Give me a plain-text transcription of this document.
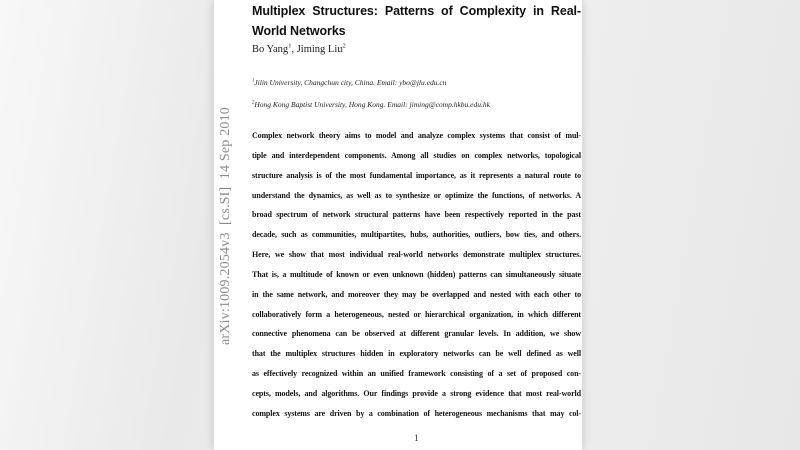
arXiv:1009.2054v3  [cs.SI]  14 Sep 2010
Multiplex Structures: Patterns of Complexity in Real-
World Networks
Bo Yang$^1$, Jiming Liu$^2$
$^1$Jilin University, Changchun city, China. Email: ybo@jlu.edu.cn
$^2$Hong Kong Baptist University, Hong Kong. Email: jiming@comp.hkbu.edu.hk
Complex network theory aims to model and analyze complex systems that consist of mul-
tiple and interdependent components. Among all studies on complex networks, topological
structure analysis is of the most fundamental importance, as it represents a natural route to
understand the dynamics, as well as to synthesize or optimize the functions, of networks. A
broad spectrum of network structural patterns have been respectively reported in the past
decade, such as communities, multipartites, hubs, authorities, outliers, bow ties, and others.
Here, we show that most individual real-world networks demonstrate multiplex structures.
That is, a multitude of known or even unknown (hidden) patterns can simultaneously situate
in the same network, and moreover they may be overlapped and nested with each other to
collaboratively form a heterogeneous, nested or hierarchical organization, in which different
connective phenomena can be observed at different granular levels. In addition, we show
that the multiplex structures hidden in exploratory networks can be well defined as well
as effectively recognized within an unified framework consisting of a set of proposed con-
cepts, models, and algorithms. Our findings provide a strong evidence that most real-world
complex systems are driven by a combination of heterogeneous mechanisms that may col-
1
